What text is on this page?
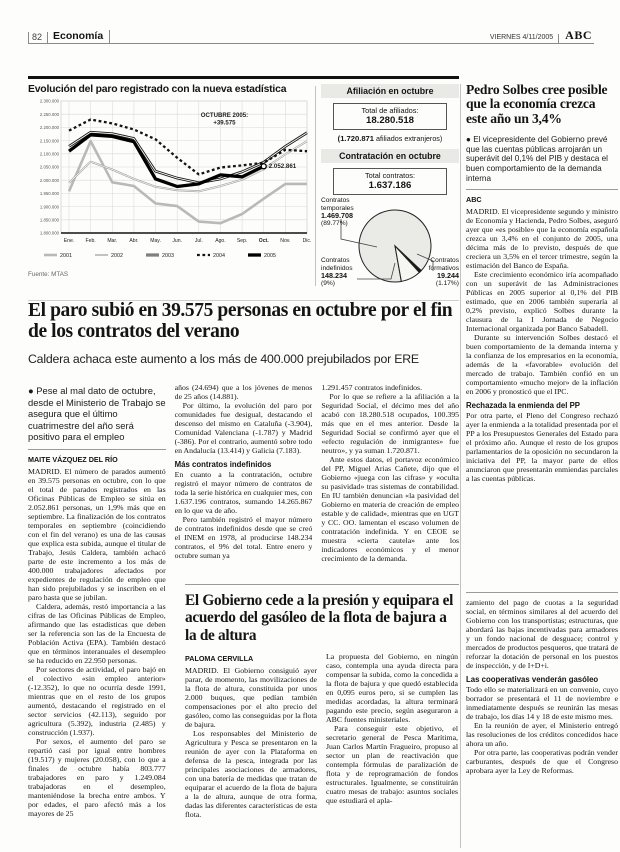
82	Economía	VIERNES 4/11/2005	ABC
Evolución del paro registrado con la nueva estadística
2.300.000
2.250.000
2.200.000
2.150.000
2.100.000
2.050.000
2.000.000
1.950.000
1.900.000
1.850.000
1.800.000
2.052.861
OCTUBRE 2005:
+39.575
Ene. Feb. Mar. Abr. May. Jun.	Jul. Ago. Sep. Oct. Nov. Dic.
2001	2002	2003	2004	2005
Fuente: MTAS
Afiliación en octubre
Total de afiliados:
18.280.518
(1.720.871 afiliados extranjeros)
Contratación en octubre
Total contratos:
1.637.186
Contratos temporales
1.469.708
(89.77%)
Contratos indefinidos
148.234
(9%)
Contratos formativos
19.244
(1.17%)
Pedro Solbes cree posible que la economía crezca este año un 3,4%
● El vicepresidente del Gobierno prevé que las cuentas públicas arrojarán un superávit del 0,1% del PIB y destaca el buen comportamiento de la demanda interna
ABC

MADRID. El vicepresidente segundo y ministro de Economía y Hacienda, Pedro Solbes, aseguró ayer que «es posible» que la economía española crezca un 3,4% en el conjunto de 2005, una décima más de lo previsto, después de que creciera un 3,5% en el tercer trimestre, según la estimación del Banco de España.

Este crecimiento económico iría acompañado con un superávit de las Administraciones Públicas en 2005 superior al 0,1% del PIB estimado, que en 2006 también superaría al 0,2% previsto, explicó Solbes durante la clausura de la I Jornada de Negocio Internacional organizada por Banco Sabadell.

Durante su intervención Solbes destacó el buen comportamiento de la demanda interna y la confianza de los empresarios en la economía, además de la «favorable» evolución del mercado de trabajo. También confió en un comportamiento «mucho mejor» de la inflación en 2006 y pronosticó que el IPC.

Rechazada la enmienda del PP

Por otra parte, el Pleno del Congreso rechazó ayer la enmienda a la totalidad presentada por el PP a los Presupuestos Generales del Estado para el próximo año. Aunque el resto de los grupos parlamentarios de la oposición no secundaron la iniciativa del PP, la mayor parte de ellos anunciaron que presentarán enmiendas parciales a las cuentas públicas.

zamiento del pago de cuotas a la seguridad social, en términos similares al del acuerdo del Gobierno con los transportistas; estructuras, que abordará las bajas incentivadas para armadores y un fondo nacional de desguace; control y mercados de productos pesqueros, que tratará de reforzar la dotación de personal en los puestos de inspección, y de I+D+i.

Las cooperativas venderán gasóleo

Todo ello se materializará en un convenio, cuyo borrador se presentará el 11 de noviembre e inmediatamente después se reunirán las mesas de trabajo, los días 14 y 18 de este mismo mes.

En la reunión de ayer, el Ministerio entregó las resoluciones de los créditos concedidos hace ahora un año.

Por otra parte, las cooperativas podrán vender carburantes, después de que el Congreso aprobara ayer la Ley de Reformas.

El paro subió en 39.575 personas en octubre por el fin de los contratos del verano
Caldera achaca este aumento a los más de 400.000 prejubilados por ERE
● Pese al mal dato de octubre, desde el Ministerio de Trabajo se asegura que el último cuatrimestre del año será positivo para el empleo
MAITE VÁZQUEZ DEL RÍO

MADRID. El número de parados aumentó en 39.575 personas en octubre, con lo que el total de parados registrados en las Oficinas Públicas de Empleo se sitúa en 2.052.861 personas, un 1,9% más que en septiembre. La finalización de los contratos temporales en septiembre (coincidiendo con el fin del verano) es una de las causas que explica esta subida, aunque el titular de Trabajo, Jesús Caldera, también achacó parte de este incremento a los más de 400.000 trabajadores afectados por expedientes de regulación de empleo que han sido prejubilados y se inscriben en el paro hasta que se jubilan.

Caldera, además, restó importancia a las cifras de las Oficinas Públicas de Empleo, afirmando que las estadísticas que deben ser la referencia son las de la Encuesta de Población Activa (EPA). También destacó que en términos interanuales el desempleo se ha reducido en 22.950 personas.

Por sectores de actividad, el paro bajó en el colectivo «sin empleo anterior» (-12.352), lo que no ocurría desde 1991, mientras que en el resto de los grupos aumentó, destacando el registrado en el sector servicios (42.113), seguido por agricultura (5.392), industria (2.485) y construcción (1.937).

Por sexos, el aumento del paro se repartió casi por igual entre hombres (19.517) y mujeres (20.058), con lo que a finales de octubre había 803.777 trabajadores en paro y 1.249.084 trabajadoras en el desempleo, manteniéndose la brecha entre ambos. Y por edades, el paro afectó más a los mayores de 25

años (24.694) que a los jóvenes de menos de 25 años (14.881).

Por último, la evolución del paro por comunidades fue desigual, destacando el descenso del mismo en Cataluña (-3.904), Comunidad Valenciana (-1.787) y Madrid (-386). Por el contrario, aumentó sobre todo en Andalucía (13.414) y Galicia (7.183).

Más contratos indefinidos

En cuanto a la contratación, octubre registró el mayor número de contratos de toda la serie histórica en cualquier mes, con 1.637.196 contratos, sumando 14.265.867 en lo que va de año.

Pero también registró el mayor número de contratos indefinidos desde que se creó el INEM en 1978, al producirse 148.234 contratos, el 9% del total. Entre enero y octubre suman ya

1.291.457 contratos indefinidos.

Por lo que se refiere a la afiliación a la Seguridad Social, el décimo mes del año acabó con 18.280.518 ocupados, 100.395 más que en el mes anterior. Desde la Seguridad Social se confirmó ayer que el «efecto regulación de inmigrantes» fue neutro», y ya suman 1.720.871.

Ante estos datos, el portavoz económico del PP, Miguel Arias Cañete, dijo que el Gobierno «juega con las cifras» y «oculta su pasividad» tras sistemas de contabilidad. En IU también denuncian «la pasividad del Gobierno en materia de creación de empleo estable y de calidad», mientras que en UGT y CC. OO. lamentan el escaso volumen de contratación indefinida. Y en CEOE se muestra «cierta cautela» ante los indicadores económicos y el menor crecimiento de la demanda.

El Gobierno cede a la presión y equipara el acuerdo del gasóleo de la flota de bajura a la de altura
PALOMA CERVILLA

MADRID. El Gobierno consiguió ayer parar, de momento, las movilizaciones de la flota de altura, constituida por unos 2.000 buques, que pedían también compensaciones por el alto precio del gasóleo, como las conseguidas por la flota de bajura.

Los responsables del Ministerio de Agricultura y Pesca se presentaron en la reunión de ayer con la Plataforma en defensa de la pesca, integrada por las principales asociaciones de armadores, con una batería de medidas que tratan de equiparar el acuerdo de la flota de bajura a la de altura, aunque de otra forma, dadas las diferentes características de esta flota.

La propuesta del Gobierno, en ningún caso, contempla una ayuda directa para compensar la subida, como la concedida a la flota de bajura y que quedó establecida en 0,095 euros pero, si se cumplen las medidas acordadas, la altura terminará pagando este precio, según aseguraron a ABC fuentes ministeriales.

Para conseguir este objetivo, el secretario general de Pesca Marítima, Juan Carlos Martín Fragueiro, propuso al sector un plan de reactivación que contempla fórmulas de paralización de flota y de reprogramación de fondos estructurales. Igualmente, se constituirán cuatro mesas de trabajo: asuntos sociales que estudiará el apla-
